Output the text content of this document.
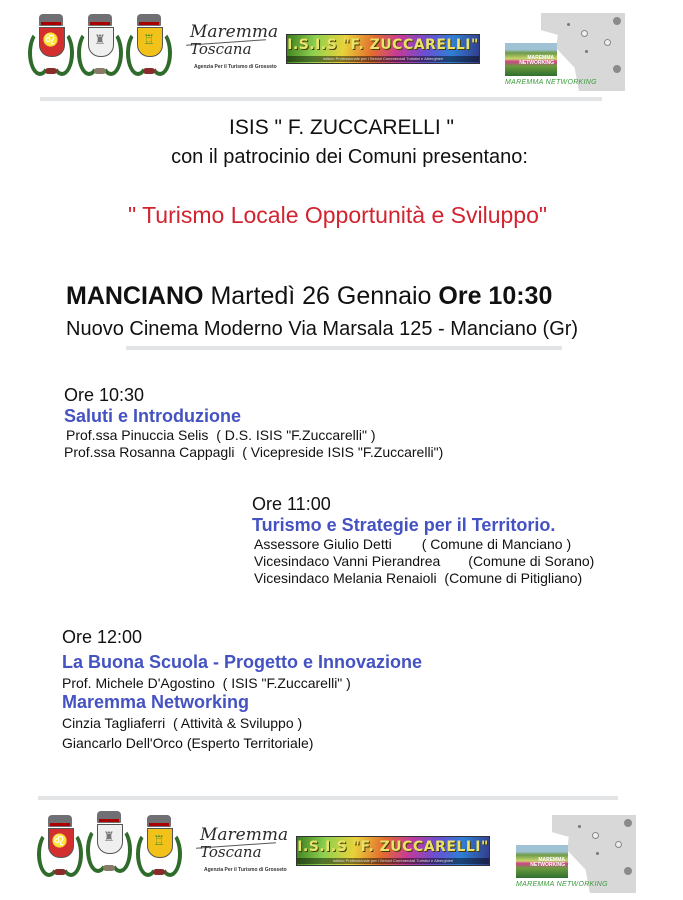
♌	♜	♖	Maremma
Toscana
Agenzia Per il Turismo di Grosseto
I.S.I.S "F. ZUCCARELLI"
Istituto Professionale per i Servizi Commerciali Turistici e Alberghieri	MAREMMA NETWORKING
MAREMMA NETWORKING
ISIS " F. ZUCCARELLI "
con il patrocinio dei Comuni presentano:
" Turismo Locale Opportunità e Sviluppo"
MANCIANO Martedì 26 Gennaio Ore 10:30
Nuovo Cinema Moderno Via Marsala 125 - Manciano (Gr)
Ore 10:30
Saluti e Introduzione
Prof.ssa Pinuccia Selis ( D.S. ISIS "F.Zuccarelli" )
Prof.ssa Rosanna Cappagli ( Vicepreside ISIS "F.Zuccarelli")
Ore 11:00
Turismo e Strategie per il Territorio.
Assessore Giulio Detti ( Comune di Manciano )
Vicesindaco Vanni Pierandrea (Comune di Sorano)
Vicesindaco Melania Renaioli (Comune di Pitigliano)
Ore 12:00
La Buona Scuola - Progetto e Innovazione
Prof. Michele D'Agostino ( ISIS "F.Zuccarelli" )
Maremma Networking
Cinzia Tagliaferri ( Attività & Sviluppo )
Giancarlo Dell'Orco (Esperto Territoriale)
♌	♜	♖	Maremma
Toscana
Agenzia Per il Turismo di Grosseto
I.S.I.S "F. ZUCCARELLI"
Istituto Professionale per i Servizi Commerciali Turistici e Alberghieri	MAREMMA NETWORKING
MAREMMA NETWORKING
